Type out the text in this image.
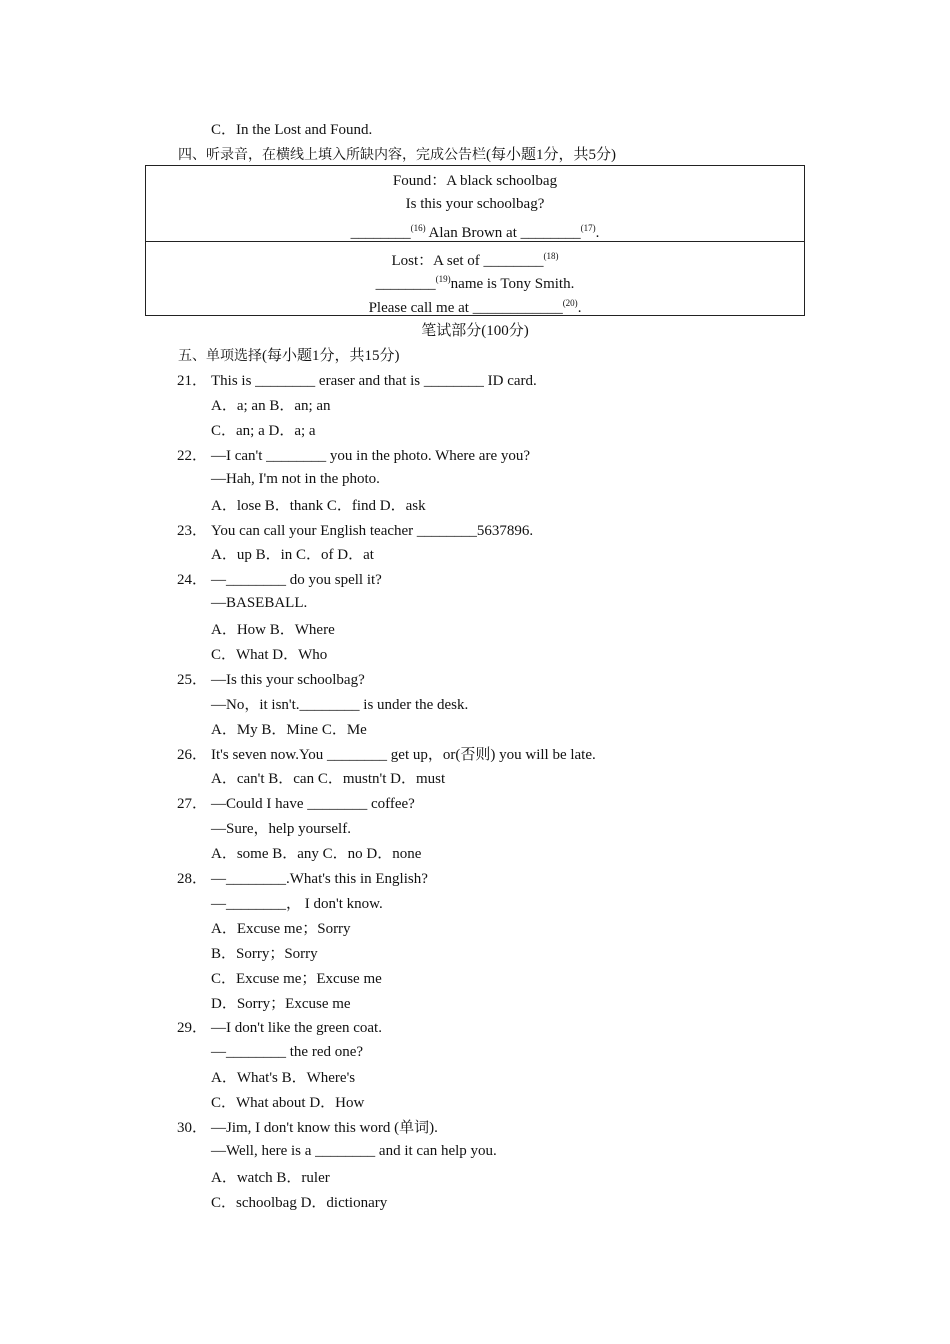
C．In the Lost and Found.
四、听录音，在横线上填入所缺内容，完成公告栏(每小题1分，共5分)
Found：A black schoolbag
Is this your schoolbag?
________$^{(16)}$ Alan Brown at ________$^{(17)}$.
Lost：A set of ________$^{(18)}$
________$^{(19)}$name is Tony Smith.
Please call me at ____________$^{(20)}$.
笔试部分(100分)
五、单项选择(每小题1分，共15分)
21． This is ________ eraser and that is ________ ID card.
A．a; an B．an; an
C．an; a D．a; a
22． —I can't ________ you in the photo. Where are you?
—Hah, I'm not in the photo.
A．lose B．thank C．find D．ask
23． You can call your English teacher ________5637896.
A．up B．in C．of D．at
24． —________ do you spell it?
—BASEBALL.
A．How B．Where
C．What D．Who
25． —Is this your schoolbag?
—No，it isn't.________ is under the desk.
A．My B．Mine C．Me
26． It's seven now.You ________ get up，or(否则) you will be late.
A．can't B．can C．mustn't D．must
27． —Could I have ________ coffee?
—Sure，help yourself.
A．some B．any C．no D．none
28． —________.What's this in English?
—________， I don't know.
A．Excuse me；Sorry
B．Sorry；Sorry
C．Excuse me；Excuse me
D．Sorry；Excuse me
29． —I don't like the green coat.
—________ the red one?
A．What's B．Where's
C．What about D．How
30． —Jim, I don't know this word (单词).
—Well, here is a ________ and it can help you.
A．watch B．ruler
C．schoolbag D．dictionary
